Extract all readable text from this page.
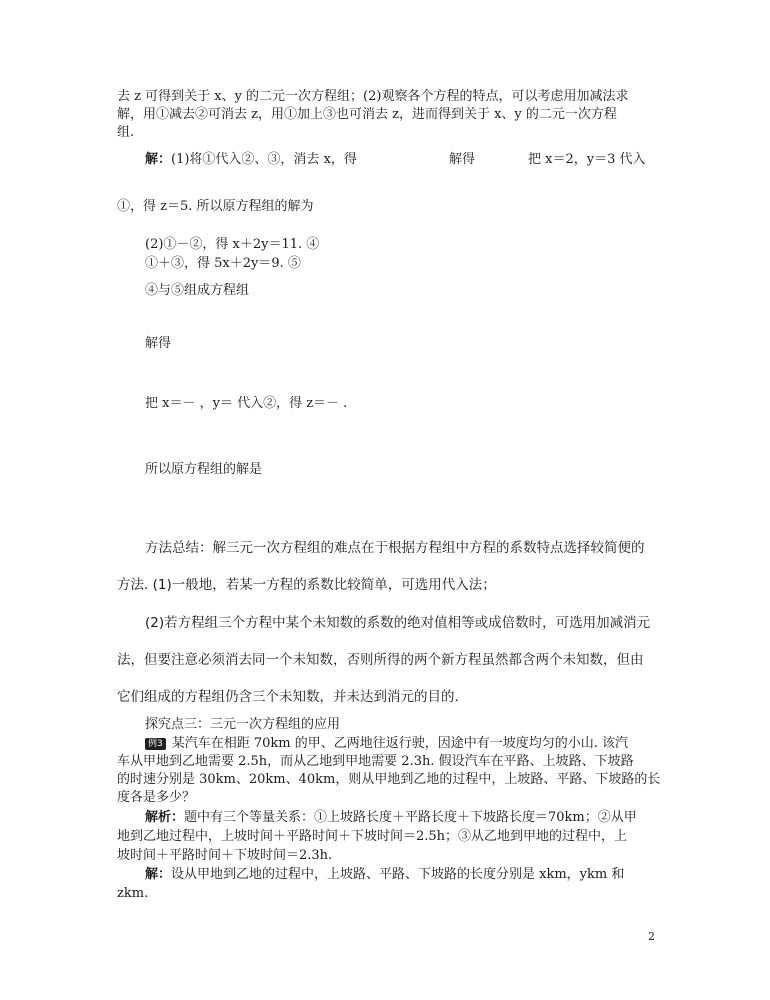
去 z 可得到关于 x、y 的二元一次方程组；(2)观察各个方程的特点，可以考虑用加减法求
解，用①减去②可消去 z，用①加上③也可消去 z，进而得到关于 x、y 的二元一次方程
组.
解：(1)将①代入②、③，消去 x，得	解得	把 x＝2，y＝3 代入
①，得 z＝5. 所以原方程组的解为
(2)①－②，得 x＋2y＝11. ④
①＋③，得 5x＋2y＝9. ⑤
④与⑤组成方程组
解得
把 x＝－ ，y＝ 代入②，得 z＝－ .
所以原方程组的解是
方法总结：解三元一次方程组的难点在于根据方程组中方程的系数特点选择较简便的
方法. (1)一般地，若某一方程的系数比较简单，可选用代入法；
(2)若方程组三个方程中某个未知数的系数的绝对值相等或成倍数时，可选用加减消元
法，但要注意必须消去同一个未知数，否则所得的两个新方程虽然都含两个未知数，但由
它们组成的方程组仍含三个未知数，并未达到消元的目的.
探究点三：三元一次方程组的应用
例3 某汽车在相距 70km 的甲、乙两地往返行驶，因途中有一坡度均匀的小山. 该汽
车从甲地到乙地需要 2.5h，而从乙地到甲地需要 2.3h. 假设汽车在平路、上坡路、下坡路
的时速分别是 30km、20km、40km，则从甲地到乙地的过程中，上坡路、平路、下坡路的长
度各是多少？
解析：题中有三个等量关系：①上坡路长度＋平路长度＋下坡路长度＝70km；②从甲
地到乙地过程中，上坡时间＋平路时间＋下坡时间＝2.5h；③从乙地到甲地的过程中，上
坡时间＋平路时间＋下坡时间＝2.3h.
解：设从甲地到乙地的过程中，上坡路、平路、下坡路的长度分别是 xkm，ykm 和
zkm.
2
